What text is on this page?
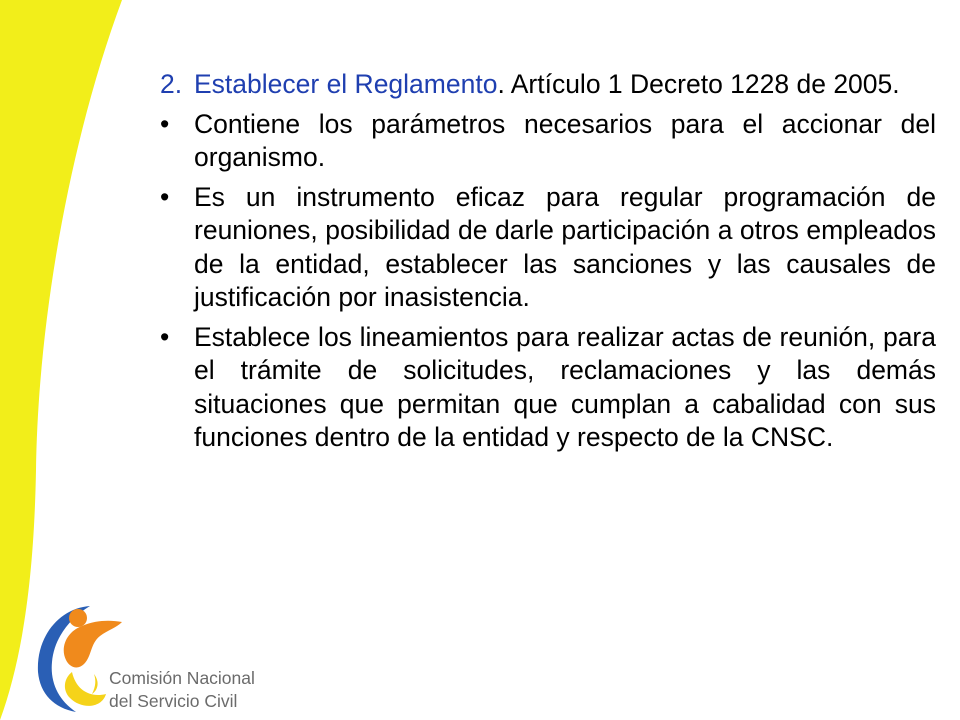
2. Establecer el Reglamento. Artículo 1 Decreto 1228 de 2005.
• Contiene los parámetros necesarios para el accionar del organismo.
• Es un instrumento eficaz para regular programación de reuniones, posibilidad de darle participación a otros empleados de la entidad, establecer las sanciones y las causales de justificación por inasistencia.
• Establece los lineamientos para realizar actas de reunión, para el trámite de solicitudes, reclamaciones y las demás situaciones que permitan que cumplan a cabalidad con sus funciones dentro de la entidad y respecto de la CNSC.
Comisión Nacional
del Servicio Civil
